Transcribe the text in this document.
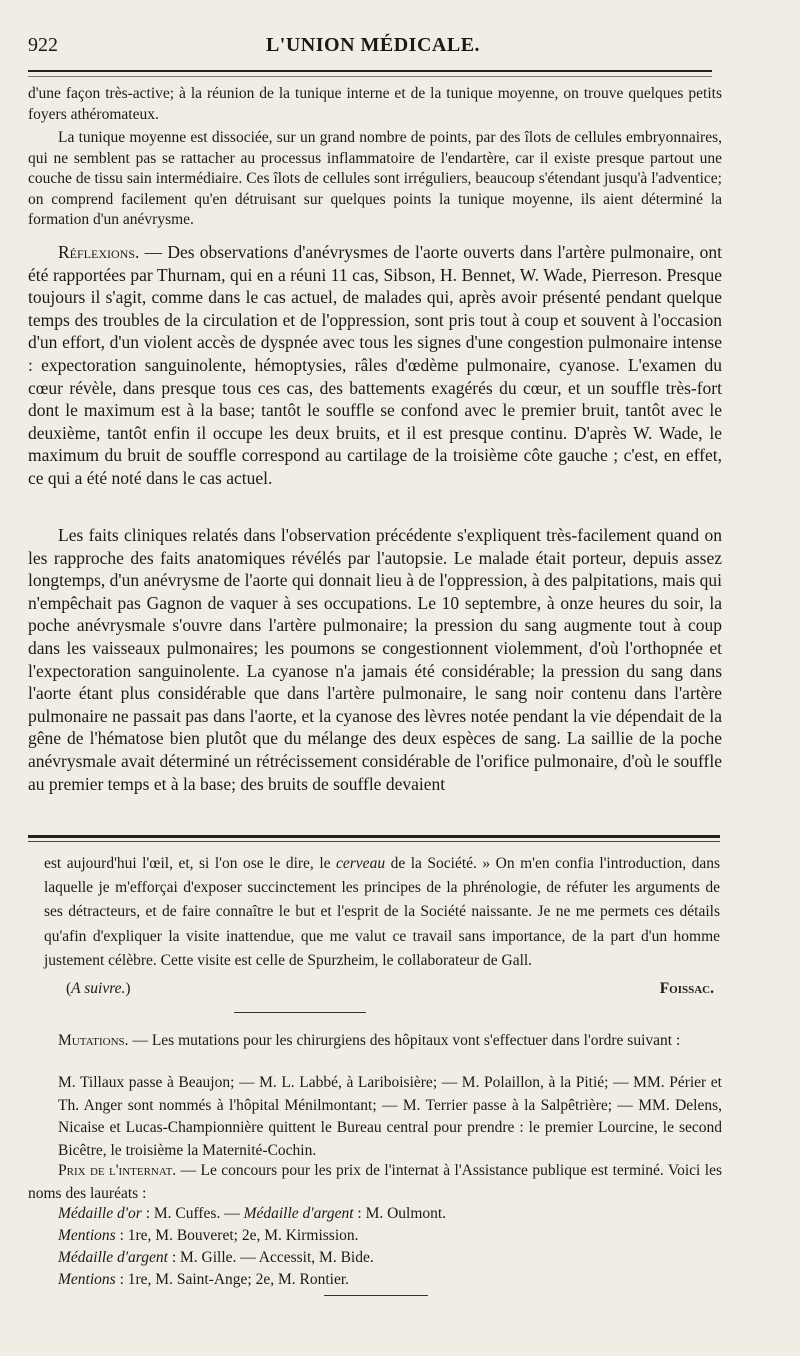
922	L'UNION MÉDICALE.

d'une façon très-active; à la réunion de la tunique interne et de la tunique moyenne, on trouve quelques petits foyers athéromateux.

La tunique moyenne est dissociée, sur un grand nombre de points, par des îlots de cellules embryonnaires, qui ne semblent pas se rattacher au processus inflammatoire de l'endartère, car il existe presque partout une couche de tissu sain intermédiaire. Ces îlots de cellules sont irréguliers, beaucoup s'étendant jusqu'à l'adventice; on comprend facilement qu'en détruisant sur quelques points la tunique moyenne, ils aient déterminé la formation d'un anévrysme.

Réflexions. — Des observations d'anévrysmes de l'aorte ouverts dans l'artère pulmonaire, ont été rapportées par Thurnam, qui en a réuni 11 cas, Sibson, H. Bennet, W. Wade, Pierreson. Presque toujours il s'agit, comme dans le cas actuel, de malades qui, après avoir présenté pendant quelque temps des troubles de la circulation et de l'oppression, sont pris tout à coup et souvent à l'occasion d'un effort, d'un violent accès de dyspnée avec tous les signes d'une congestion pulmonaire intense : expectoration sanguinolente, hémoptysies, râles d'œdème pulmonaire, cyanose. L'examen du cœur révèle, dans presque tous ces cas, des battements exagérés du cœur, et un souffle très-fort dont le maximum est à la base; tantôt le souffle se confond avec le premier bruit, tantôt avec le deuxième, tantôt enfin il occupe les deux bruits, et il est presque continu. D'après W. Wade, le maximum du bruit de souffle correspond au cartilage de la troisième côte gauche ; c'est, en effet, ce qui a été noté dans le cas actuel.

Les faits cliniques relatés dans l'observation précédente s'expliquent très-facilement quand on les rapproche des faits anatomiques révélés par l'autopsie. Le malade était porteur, depuis assez longtemps, d'un anévrysme de l'aorte qui donnait lieu à de l'oppression, à des palpitations, mais qui n'empêchait pas Gagnon de vaquer à ses occupations. Le 10 septembre, à onze heures du soir, la poche anévrysmale s'ouvre dans l'artère pulmonaire; la pression du sang augmente tout à coup dans les vaisseaux pulmonaires; les poumons se congestionnent violemment, d'où l'orthopnée et l'expectoration sanguinolente. La cyanose n'a jamais été considérable; la pression du sang dans l'aorte étant plus considérable que dans l'artère pulmonaire, le sang noir contenu dans l'artère pulmonaire ne passait pas dans l'aorte, et la cyanose des lèvres notée pendant la vie dépendait de la gêne de l'hématose bien plutôt que du mélange des deux espèces de sang. La saillie de la poche anévrysmale avait déterminé un rétrécissement considérable de l'orifice pulmonaire, d'où le souffle au premier temps et à la base; des bruits de souffle devaient

est aujourd'hui l'œil, et, si l'on ose le dire, le cerveau de la Société. » On m'en confia l'introduction, dans laquelle je m'efforçai d'exposer succinctement les principes de la phrénologie, de réfuter les arguments de ses détracteurs, et de faire connaître le but et l'esprit de la Société naissante. Je ne me permets ces détails qu'afin d'expliquer la visite inattendue, que me valut ce travail sans importance, de la part d'un homme justement célèbre. Cette visite est celle de Spurzheim, le collaborateur de Gall.
(A suivre.)	Foissac.

Mutations. — Les mutations pour les chirurgiens des hôpitaux vont s'effectuer dans l'ordre suivant :

M. Tillaux passe à Beaujon; — M. L. Labbé, à Lariboisière; — M. Polaillon, à la Pitié; — MM. Périer et Th. Anger sont nommés à l'hôpital Ménilmontant; — M. Terrier passe à la Salpêtrière; — MM. Delens, Nicaise et Lucas-Championnière quittent le Bureau central pour prendre : le premier Lourcine, le second Bicêtre, le troisième la Maternité-Cochin.

Prix de l'internat. — Le concours pour les prix de l'internat à l'Assistance publique est terminé. Voici les noms des lauréats :

Médaille d'or : M. Cuffes. — Médaille d'argent : M. Oulmont.
Mentions : 1re, M. Bouveret; 2e, M. Kirmission.
Médaille d'argent : M. Gille. — Accessit, M. Bide.
Mentions : 1re, M. Saint-Ange; 2e, M. Rontier.
